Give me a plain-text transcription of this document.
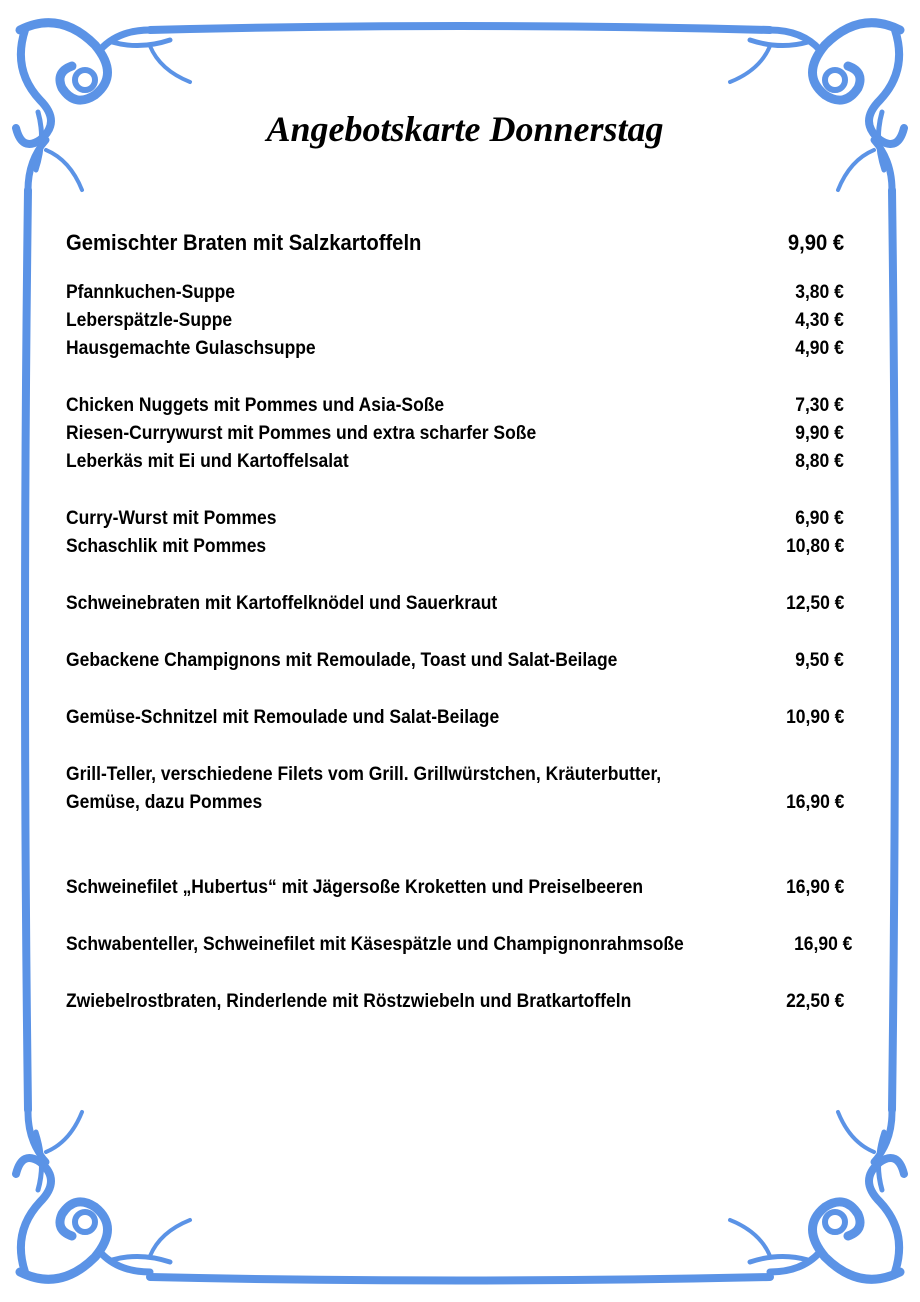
Angebotskarte Donnerstag
Gemischter Braten mit Salzkartoffeln	9,90 €
Pfannkuchen-Suppe	3,80 €
Leberspätzle-Suppe	4,30 €
Hausgemachte Gulaschsuppe	4,90 €
Chicken Nuggets mit Pommes und Asia-Soße	7,30 €
Riesen-Currywurst mit Pommes und extra scharfer Soße	9,90 €
Leberkäs mit Ei und Kartoffelsalat	8,80 €
Curry-Wurst mit Pommes	6,90 €
Schaschlik mit Pommes	10,80 €
Schweinebraten mit Kartoffelknödel und Sauerkraut	12,50 €
Gebackene Champignons mit Remoulade, Toast und Salat-Beilage	9,50 €
Gemüse-Schnitzel mit Remoulade und Salat-Beilage	10,90 €
Grill-Teller, verschiedene Filets vom Grill. Grillwürstchen, Kräuterbutter,
Gemüse, dazu Pommes	16,90 €
Schweinefilet „Hubertus“ mit Jägersoße Kroketten und Preiselbeeren	16,90 €
Schwabenteller, Schweinefilet mit Käsespätzle und Champignonrahmsoße	16,90 €
Zwiebelrostbraten, Rinderlende mit Röstzwiebeln und Bratkartoffeln	22,50 €
